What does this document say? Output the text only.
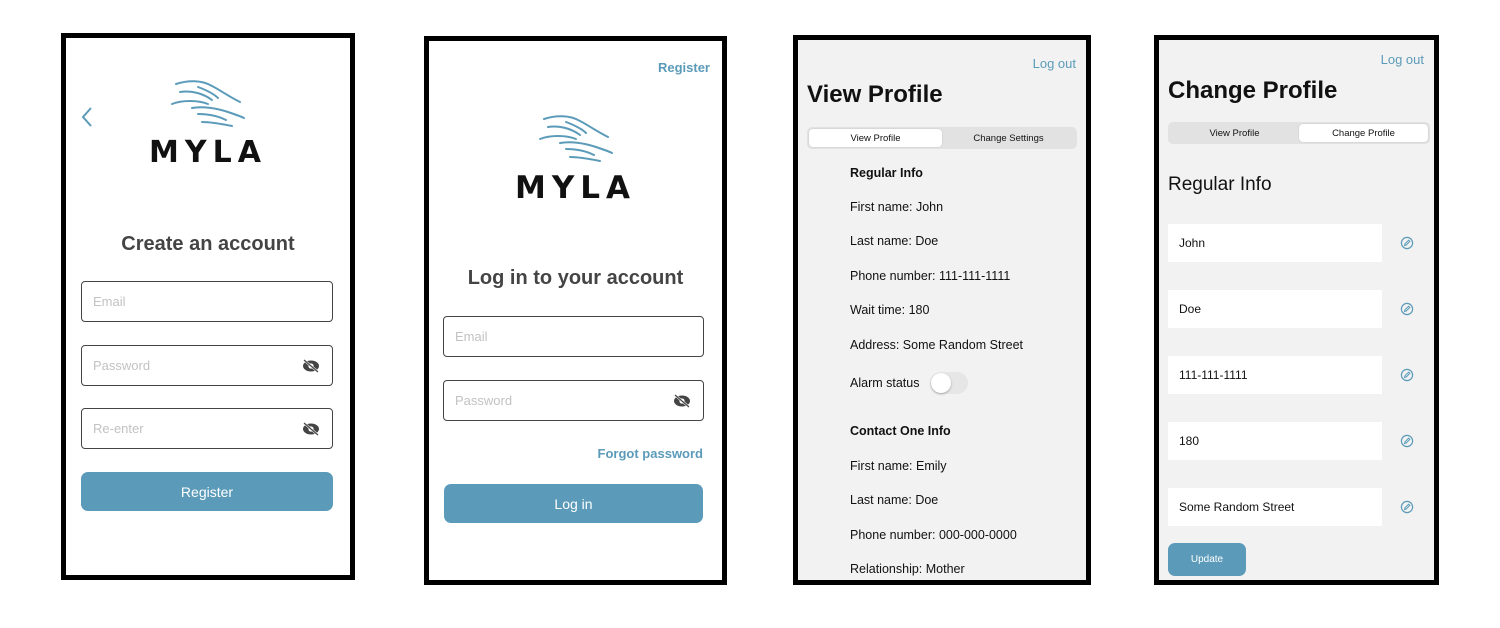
MYLA
Create an account
Email
Password
Re-enter
Register
Register
MYLA
Log in to your account
Email
Password
Forgot password
Log in
Log out
View Profile
View Profile	Change Settings
Regular Info
First name: John
Last name: Doe
Phone number: 111-111-1111
Wait time: 180
Address: Some Random Street
Alarm status
Contact One Info
First name: Emily
Last name: Doe
Phone number: 000-000-0000
Relationship: Mother
Log out
Change Profile
View Profile	Change Profile
Regular Info
John
Doe
111-111-1111
180
Some Random Street
Update
